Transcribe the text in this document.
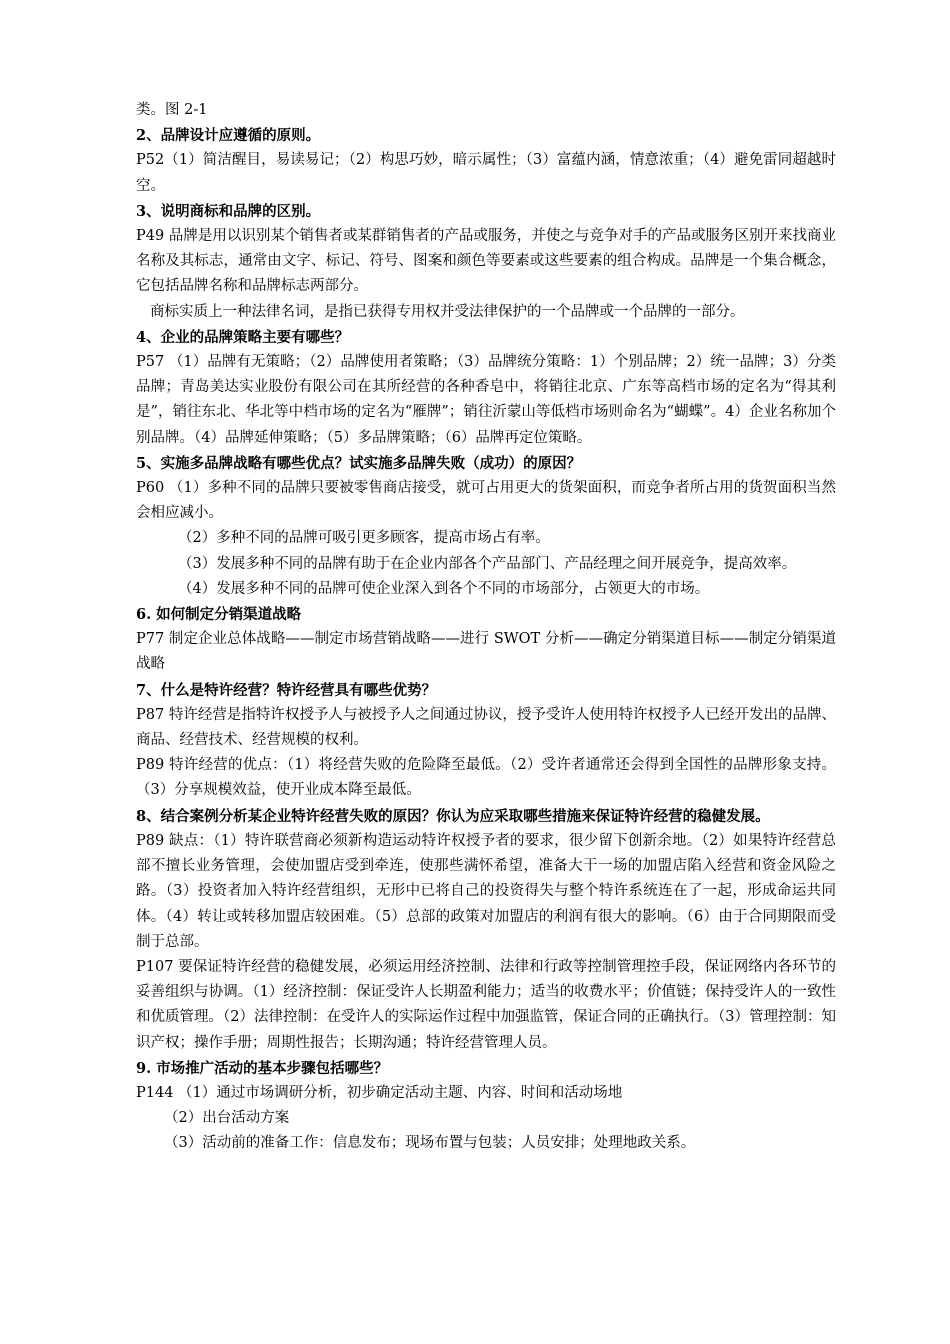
类。图 2-1

2、品牌设计应遵循的原则。

P52（1）简洁醒目，易读易记；（2）构思巧妙，暗示属性；（3）富蕴内涵，情意浓重；（4）避免雷同超越时空。

3、说明商标和品牌的区别。

P49 品牌是用以识别某个销售者或某群销售者的产品或服务，并使之与竞争对手的产品或服务区别开来找商业名称及其标志，通常由文字、标记、符号、图案和颜色等要素或这些要素的组合构成。品牌是一个集合概念，它包括品牌名称和品牌标志两部分。

商标实质上一种法律名词，是指已获得专用权并受法律保护的一个品牌或一个品牌的一部分。

4、企业的品牌策略主要有哪些？

P57 （1）品牌有无策略；（2）品牌使用者策略；（3）品牌统分策略：1）个别品牌；2）统一品牌；3）分类品牌；青岛美达实业股份有限公司在其所经营的各种香皂中，将销往北京、广东等高档市场的定名为“得其利是”，销往东北、华北等中档市场的定名为“雁牌”；销往沂蒙山等低档市场则命名为“蝴蝶”。4）企业名称加个别品牌。（4）品牌延伸策略；（5）多品牌策略；（6）品牌再定位策略。

5、实施多品牌战略有哪些优点？试实施多品牌失败（成功）的原因？

P60 （1）多种不同的品牌只要被零售商店接受，就可占用更大的货架面积，而竞争者所占用的货贺面积当然会相应减小。

（2）多种不同的品牌可吸引更多顾客，提高市场占有率。

（3）发展多种不同的品牌有助于在企业内部各个产品部门、产品经理之间开展竞争，提高效率。

（4）发展多种不同的品牌可使企业深入到各个不同的市场部分，占领更大的市场。

6. 如何制定分销渠道战略

P77 制定企业总体战略——制定市场营销战略——进行 SWOT 分析——确定分销渠道目标——制定分销渠道战略

7、什么是特许经营？特许经营具有哪些优势？

P87 特许经营是指特许权授予人与被授予人之间通过协议，授予受许人使用特许权授予人已经开发出的品牌、商品、经营技术、经营规模的权利。

P89 特许经营的优点：（1）将经营失败的危险降至最低。（2）受许者通常还会得到全国性的品牌形象支持。（3）分享规模效益，使开业成本降至最低。

8、结合案例分析某企业特许经营失败的原因？你认为应采取哪些措施来保证特许经营的稳健发展。

P89 缺点：（1）特许联营商必须新构造运动特许权授予者的要求，很少留下创新余地。（2）如果特许经营总部不擅长业务管理，会使加盟店受到牵连，使那些满怀希望，准备大干一场的加盟店陷入经营和资金风险之路。（3）投资者加入特许经营组织，无形中已将自己的投资得失与整个特许系统连在了一起，形成命运共同体。（4）转让或转移加盟店较困难。（5）总部的政策对加盟店的利润有很大的影响。（6）由于合同期限而受制于总部。

P107 要保证特许经营的稳健发展，必须运用经济控制、法律和行政等控制管理控手段，保证网络内各环节的妥善组织与协调。（1）经济控制：保证受许人长期盈利能力；适当的收费水平；价值链；保持受许人的一致性和优质管理。（2）法律控制：在受许人的实际运作过程中加强监管，保证合同的正确执行。（3）管理控制：知识产权；操作手册；周期性报告；长期沟通；特许经营管理人员。

9. 市场推广活动的基本步骤包括哪些？

P144 （1）通过市场调研分析，初步确定活动主题、内容、时间和活动场地

（2）出台活动方案

（3）活动前的准备工作：信息发布；现场布置与包装；人员安排；处理地政关系。
